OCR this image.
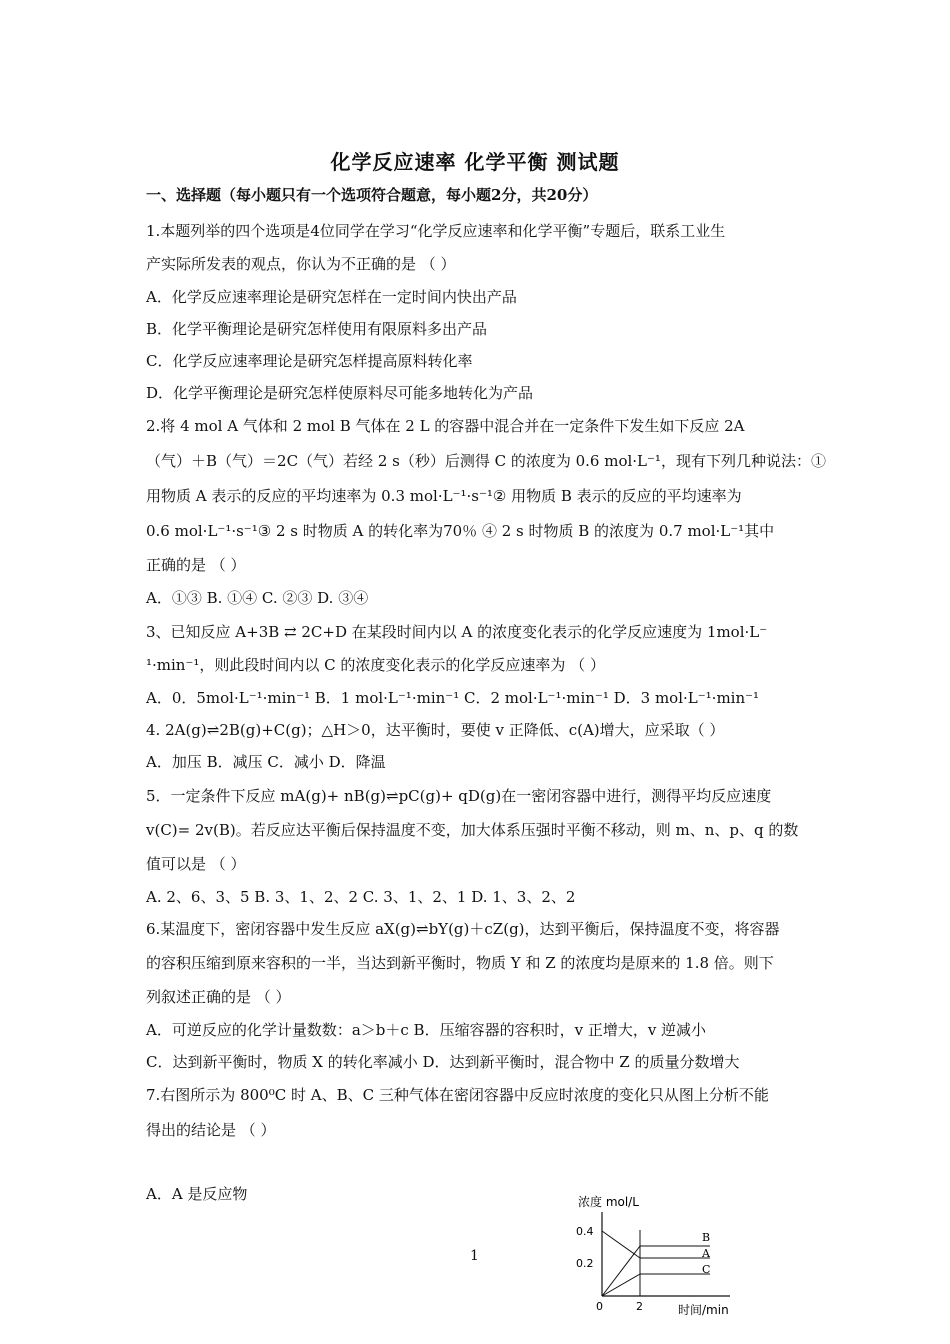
化学反应速率 化学平衡 测试题
一、选择题（每小题只有一个选项符合题意，每小题2分，共20分）
1.本题列举的四个选项是4位同学在学习“化学反应速率和化学平衡”专题后，联系工业生
产实际所发表的观点，你认为不正确的是 （ ）
A．化学反应速率理论是研究怎样在一定时间内快出产品
B．化学平衡理论是研究怎样使用有限原料多出产品
C．化学反应速率理论是研究怎样提高原料转化率
D．化学平衡理论是研究怎样使原料尽可能多地转化为产品
2.将 4 mol A 气体和 2 mol B 气体在 2 L 的容器中混合并在一定条件下发生如下反应 2A
（气）＋B（气）＝2C（气）若经 2 s（秒）后测得 C 的浓度为 0.6 mol·L⁻¹，现有下列几种说法：①
用物质 A 表示的反应的平均速率为 0.3 mol·L⁻¹·s⁻¹② 用物质 B 表示的反应的平均速率为
0.6 mol·L⁻¹·s⁻¹③ 2 s 时物质 A 的转化率为70％ ④ 2 s 时物质 B 的浓度为 0.7 mol·L⁻¹其中
正确的是 （ ）
A．①③ B. ①④ C. ②③ D. ③④
3、已知反应 A+3B ⇄ 2C+D 在某段时间内以 A 的浓度变化表示的化学反应速度为 1mol·L⁻
¹·min⁻¹，则此段时间内以 C 的浓度变化表示的化学反应速率为 （ ）
A．0．5mol·L⁻¹·min⁻¹ B．1 mol·L⁻¹·min⁻¹ C．2 mol·L⁻¹·min⁻¹ D．3 mol·L⁻¹·min⁻¹
4. 2A(g)⇌2B(g)+C(g)；△H＞0，达平衡时，要使 v 正降低、c(A)增大，应采取（ ）
A．加压 B．减压 C．减小 D．降温
5．一定条件下反应 mA(g)+ nB(g)⇌pC(g)+ qD(g)在一密闭容器中进行，测得平均反应速度
v(C)= 2v(B)。若反应达平衡后保持温度不变，加大体系压强时平衡不移动，则 m、n、p、q 的数
值可以是 （ ）
A. 2、6、3、5 B. 3、1、2、2 C. 3、1、2、1 D. 1、3、2、2
6.某温度下，密闭容器中发生反应 aX(g)⇌bY(g)＋cZ(g)，达到平衡后，保持温度不变，将容器
的容积压缩到原来容积的一半，当达到新平衡时，物质 Y 和 Z 的浓度均是原来的 1.8 倍。则下
列叙述正确的是 （ ）
A．可逆反应的化学计量数数：a＞b＋c B．压缩容器的容积时，v 正增大，v 逆减小
C．达到新平衡时，物质 X 的转化率减小 D．达到新平衡时，混合物中 Z 的质量分数增大
7.右图所示为 800⁰C 时 A、B、C 三种气体在密闭容器中反应时浓度的变化只从图上分析不能
得出的结论是 （ ）
A．A 是反应物
1
浓度 mol/L
0.4
0.2
B
A
C
0	2	时间/min
